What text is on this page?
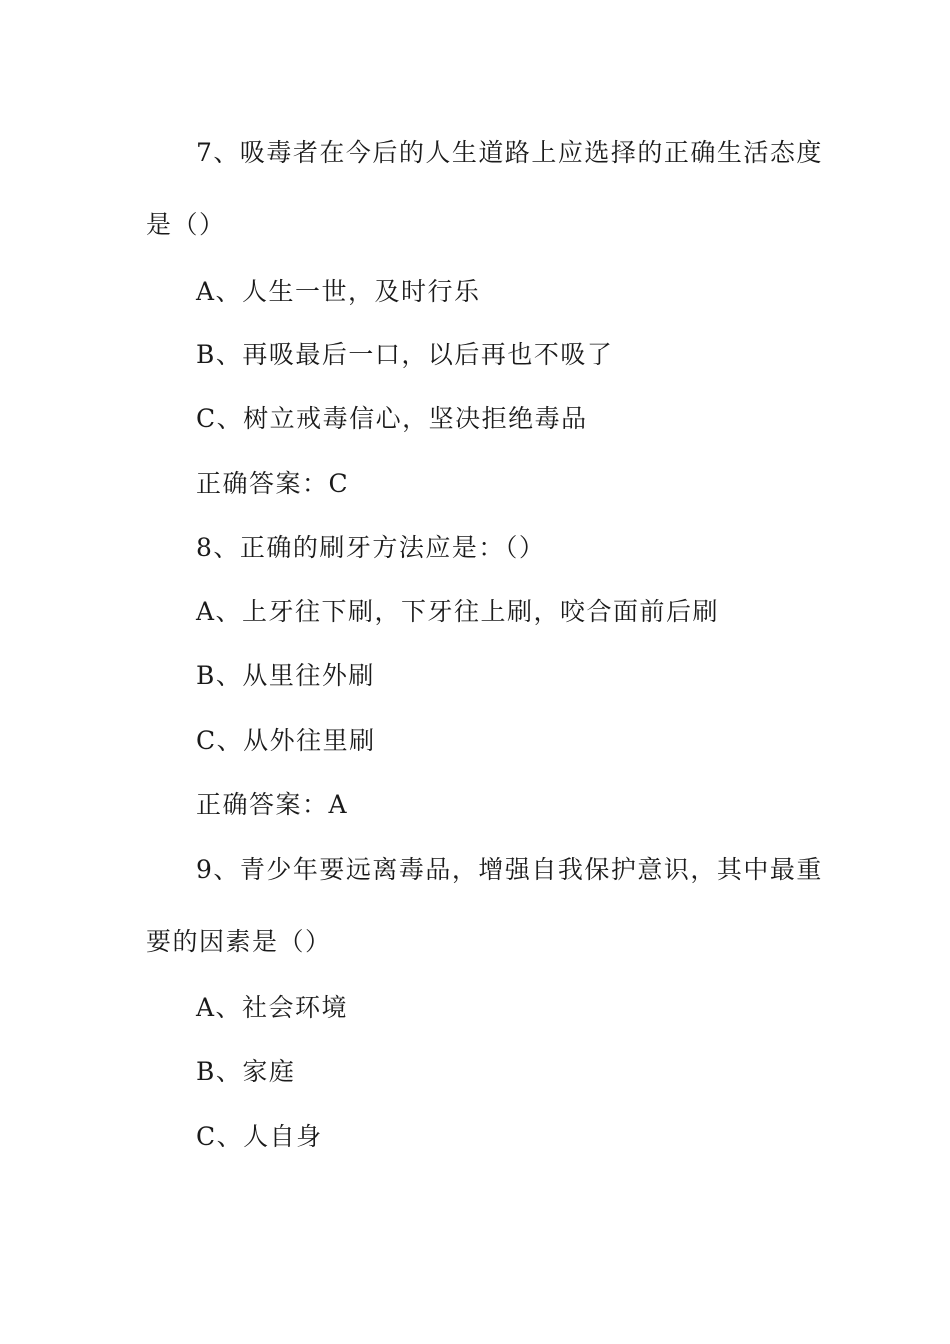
7、吸毒者在今后的人生道路上应选择的正确生活态度
是（）
A、人生一世，及时行乐
B、再吸最后一口，以后再也不吸了
C、树立戒毒信心，坚决拒绝毒品
正确答案：C
8、正确的刷牙方法应是：（）
A、上牙往下刷，下牙往上刷，咬合面前后刷
B、从里往外刷
C、从外往里刷
正确答案：A
9、青少年要远离毒品，增强自我保护意识，其中最重
要的因素是（）
A、社会环境
B、家庭
C、人自身
